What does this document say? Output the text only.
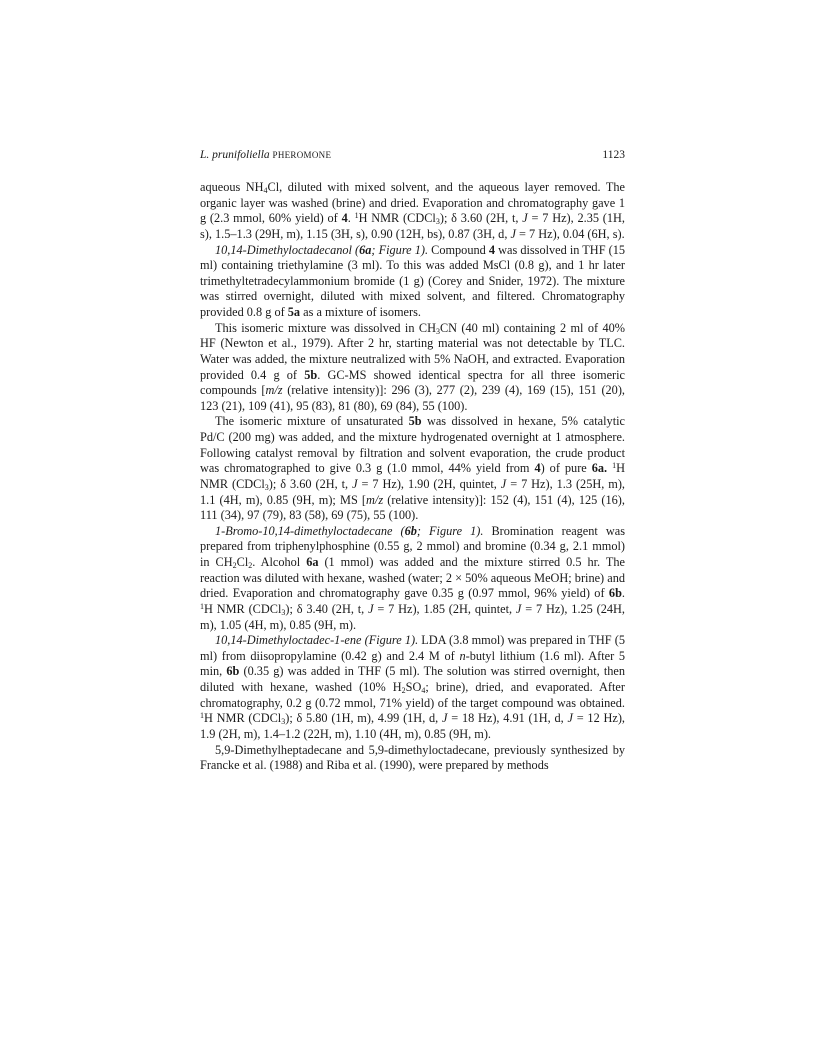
L. prunifoliella PHEROMONE	1123

aqueous $NH_4Cl$, diluted with mixed solvent, and the aqueous layer removed. The organic layer was washed (brine) and dried. Evaporation and chromatography gave 1 g (2.3 mmol, 60% yield) of 4. $^1$H NMR (CDCl$_3$); δ 3.60 (2H, t, J = 7 Hz), 2.35 (1H, s), 1.5–1.3 (29H, m), 1.15 (3H, s), 0.90 (12H, bs), 0.87 (3H, d, J = 7 Hz), 0.04 (6H, s).

10,14-Dimethyloctadecanol (6a; Figure 1). Compound 4 was dissolved in THF (15 ml) containing triethylamine (3 ml). To this was added MsCl (0.8 g), and 1 hr later trimethyltetradecylammonium bromide (1 g) (Corey and Snider, 1972). The mixture was stirred overnight, diluted with mixed solvent, and filtered. Chromatography provided 0.8 g of 5a as a mixture of isomers.

This isomeric mixture was dissolved in $CH_3CN$ (40 ml) containing 2 ml of 40% HF (Newton et al., 1979). After 2 hr, starting material was not detectable by TLC. Water was added, the mixture neutralized with 5% NaOH, and extracted. Evaporation provided 0.4 g of 5b. GC-MS showed identical spectra for all three isomeric compounds [m/z (relative intensity)]: 296 (3), 277 (2), 239 (4), 169 (15), 151 (20), 123 (21), 109 (41), 95 (83), 81 (80), 69 (84), 55 (100).

The isomeric mixture of unsaturated 5b was dissolved in hexane, 5% catalytic Pd/C (200 mg) was added, and the mixture hydrogenated overnight at 1 atmosphere. Following catalyst removal by filtration and solvent evaporation, the crude product was chromatographed to give 0.3 g (1.0 mmol, 44% yield from 4) of pure 6a. $^1$H NMR (CDCl$_3$); δ 3.60 (2H, t, J = 7 Hz), 1.90 (2H, quintet, J = 7 Hz), 1.3 (25H, m), 1.1 (4H, m), 0.85 (9H, m); MS [m/z (relative intensity)]: 152 (4), 151 (4), 125 (16), 111 (34), 97 (79), 83 (58), 69 (75), 55 (100).

1-Bromo-10,14-dimethyloctadecane (6b; Figure 1). Bromination reagent was prepared from triphenylphosphine (0.55 g, 2 mmol) and bromine (0.34 g, 2.1 mmol) in $CH_2Cl_2$. Alcohol 6a (1 mmol) was added and the mixture stirred 0.5 hr. The reaction was diluted with hexane, washed (water; 2 × 50% aqueous MeOH; brine) and dried. Evaporation and chromatography gave 0.35 g (0.97 mmol, 96% yield) of 6b. $^1$H NMR (CDCl$_3$); δ 3.40 (2H, t, J = 7 Hz), 1.85 (2H, quintet, J = 7 Hz), 1.25 (24H, m), 1.05 (4H, m), 0.85 (9H, m).

10,14-Dimethyloctadec-1-ene (Figure 1). LDA (3.8 mmol) was prepared in THF (5 ml) from diisopropylamine (0.42 g) and 2.4 M of n-butyl lithium (1.6 ml). After 5 min, 6b (0.35 g) was added in THF (5 ml). The solution was stirred overnight, then diluted with hexane, washed (10% $H_2SO_4$; brine), dried, and evaporated. After chromatography, 0.2 g (0.72 mmol, 71% yield) of the target compound was obtained. $^1$H NMR (CDCl$_3$); δ 5.80 (1H, m), 4.99 (1H, d, J = 18 Hz), 4.91 (1H, d, J = 12 Hz), 1.9 (2H, m), 1.4–1.2 (22H, m), 1.10 (4H, m), 0.85 (9H, m).

5,9-Dimethylheptadecane and 5,9-dimethyloctadecane, previously synthesized by Francke et al. (1988) and Riba et al. (1990), were prepared by methods
